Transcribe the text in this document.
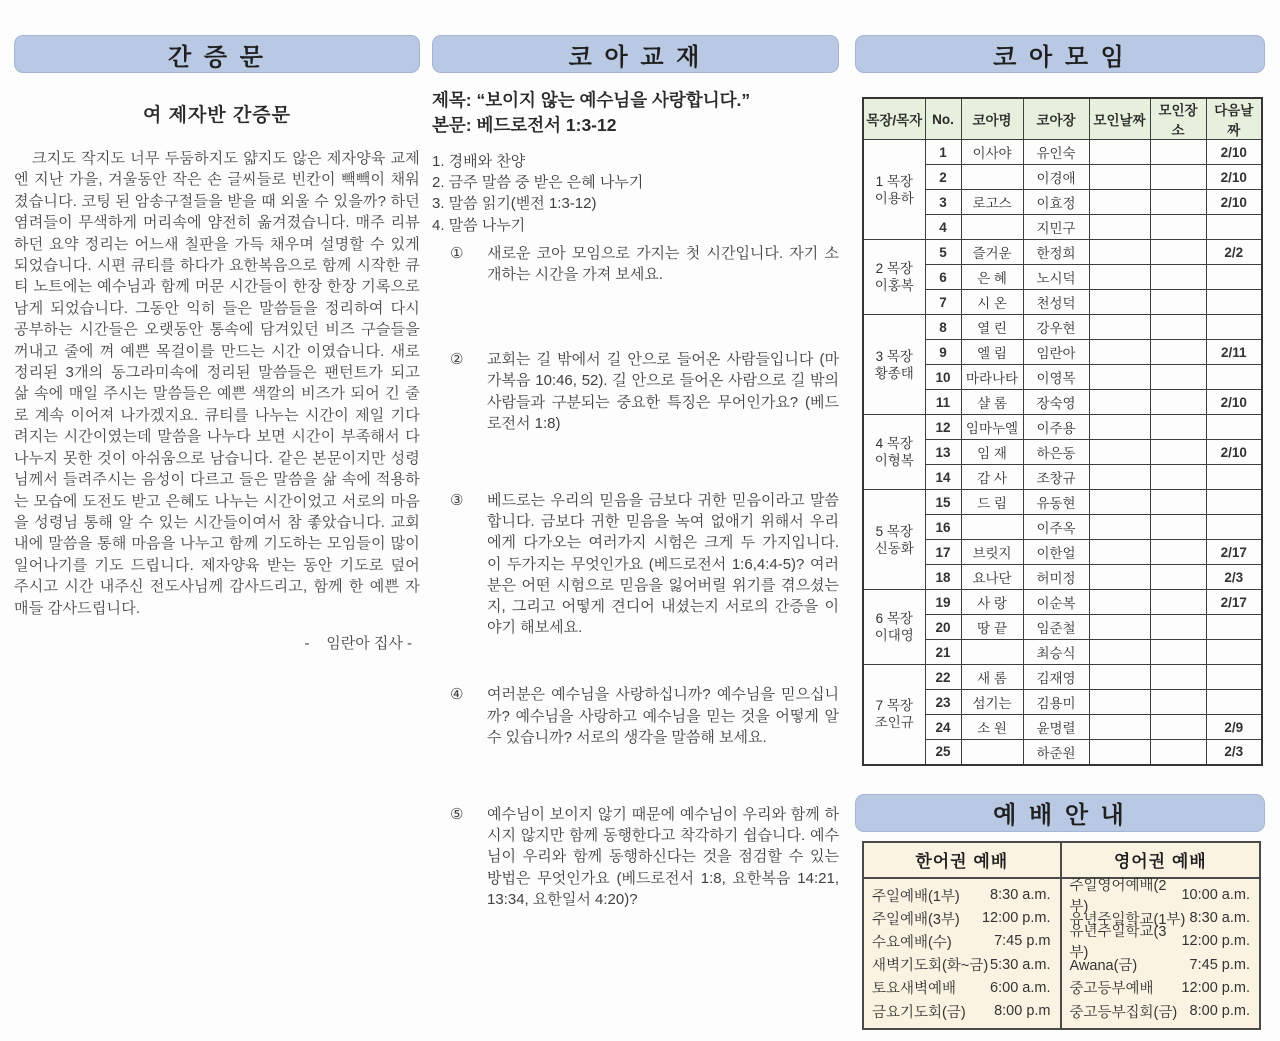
간 증 문
여 제자반 간증문
크지도 작지도 너무 두둠하지도 얇지도 않은 제자양육 교제엔 지난 가을, 겨울동안 작은 손 글씨들로 빈칸이 빽빽이 채워졌습니다. 코팅 된 암송구절들을 받을 때 외울 수 있을까? 하던 염려들이 무색하게 머리속에 얌전히 옮겨졌습니다. 매주 리뷰하던 요약 정리는 어느새 칠판을 가득 채우며 설명할 수 있게 되었습니다. 시편 큐티를 하다가 요한복음으로 함께 시작한 큐티 노트에는 예수님과 함께 머문 시간들이 한장 한장 기록으로 남게 되었습니다. 그동안 익히 들은 말씀들을 정리하여 다시 공부하는 시간들은 오랫동안 통속에 담겨있던 비즈 구슬들을 꺼내고 줄에 껴 예쁜 목걸이를 만드는 시간 이였습니다. 새로 정리된 3개의 동그라미속에 정리된 말씀들은 팬턴트가 되고 삶 속에 매일 주시는 말씀들은 예쁜 색깔의 비즈가 되어 긴 줄로 계속 이어져 나가겠지요. 큐티를 나누는 시간이 제일 기다려지는 시간이였는데 말씀을 나누다 보면 시간이 부족해서 다 나누지 못한 것이 아쉬움으로 남습니다. 같은 본문이지만 성령님께서 들려주시는 음성이 다르고 들은 말씀을 삶 속에 적용하는 모습에 도전도 받고 은혜도 나누는 시간이었고 서로의 마음을 성령님 통해 알 수 있는 시간들이여서 참 좋았습니다. 교회내에 말씀을 통해 마음을 나누고 함께 기도하는 모임들이 많이 일어나기를 기도 드립니다. 제자양육 받는 동안 기도로 덮어 주시고 시간 내주신 전도사님께 감사드리고, 함께 한 예쁜 자매들 감사드립니다.
-    임란아 집사 -
코 아 교 재
제목: “보이지 않는 예수님을 사랑합니다.”
본문: 베드로전서 1:3-12
1. 경배와 찬양
2. 금주 말씀 중 받은 은혜 나누기
3. 말씀 읽기(벧전 1:3-12)
4. 말씀 나누기
①	새로운 코아 모임으로 가지는 첫 시간입니다. 자기 소개하는 시간을 가져 보세요.
②	교회는 길 밖에서 길 안으로 들어온 사람들입니다 (마가복음 10:46, 52). 길 안으로 들어온 사람으로 길 밖의 사람들과 구분되는 중요한 특징은 무어인가요? (베드로전서 1:8)
③	베드로는 우리의 믿음을 금보다 귀한 믿음이라고 말씀합니다. 금보다 귀한 믿음을 녹여 없애기 위해서 우리에게 다가오는 여러가지 시험은 크게 두 가지입니다. 이 두가지는 무엇인가요 (베드로전서 1:6,4:4-5)? 여러분은 어떤 시험으로 믿음을 잃어버릴 위기를 겪으셨는지, 그리고 어떻게 견디어 내셨는지 서로의 간증을 이야기 해보세요.
④	여러분은 예수님을 사랑하십니까? 예수님을 믿으십니까? 예수님을 사랑하고 예수님을 믿는 것을 어떻게 알 수 있습니까? 서로의 생각을 말씀해 보세요.
⑤	예수님이 보이지 않기 때문에 예수님이 우리와 함께 하시지 않지만 함께 동행한다고 착각하기 쉽습니다. 예수님이 우리와 함께 동행하신다는 것을 점검할 수 있는 방법은 무엇인가요 (베드로전서 1:8, 요한복음 14:21, 13:34, 요한일서 4:20)?
코 아 모 임
목장/목자	No.	코아명	코아장	모인날짜	모인장소	다음날짜

1 목장
이용하	1	이사야	유인숙			2/10
	2		이경애			2/10
	3	로고스	이효정			2/10
	4		지민구			

2 목장
이홍복	5	즐거운	한정희			2/2
	6	은 혜	노시덕			
	7	시 온	천성덕			

3 목장
황종태	8	열 린	강우현			
	9	엘 림	임란아			2/11
	10	마라나타	이영목			
	11	샬 롬	장숙영			2/10

4 목장
이형복	12	임마누엘	이주용			
	13	임 재	하은동			2/10
	14	감 사	조창규			

5 목장
신동화	15	드 림	유동현			
	16		이주옥			
	17	브릿지	이한얼			2/17
	18	요나단	허미정			2/3

6 목장
이대영	19	사 랑	이순복			2/17
	20	땅 끝	임준철			
	21		최승식			

7 목장
조인규	22	새 롬	김재영			
	23	섬기는	김용미			
	24	소 원	윤명렬			2/9
	25		하준원			2/3
예 배 안 내
한어권 예배
주일예배(1부) 8:30 a.m.
주일예배(3부) 12:00 p.m.
수요예배(수)	7:45 p.m
새벽기도회(화~금) 5:30 a.m.
토요새벽예배 6:00 a.m.
금요기도회(금) 8:00 p.m
영어권 예배
주일영어예배(2부)
10:00 a.m.
유년주일학교(1부) 8:30 a.m.
유년주일학교(3부)
12:00 p.m.
Awana(금)	7:45 p.m.
중고등부예배 12:00 p.m.
중고등부집회(금) 8:00 p.m.
